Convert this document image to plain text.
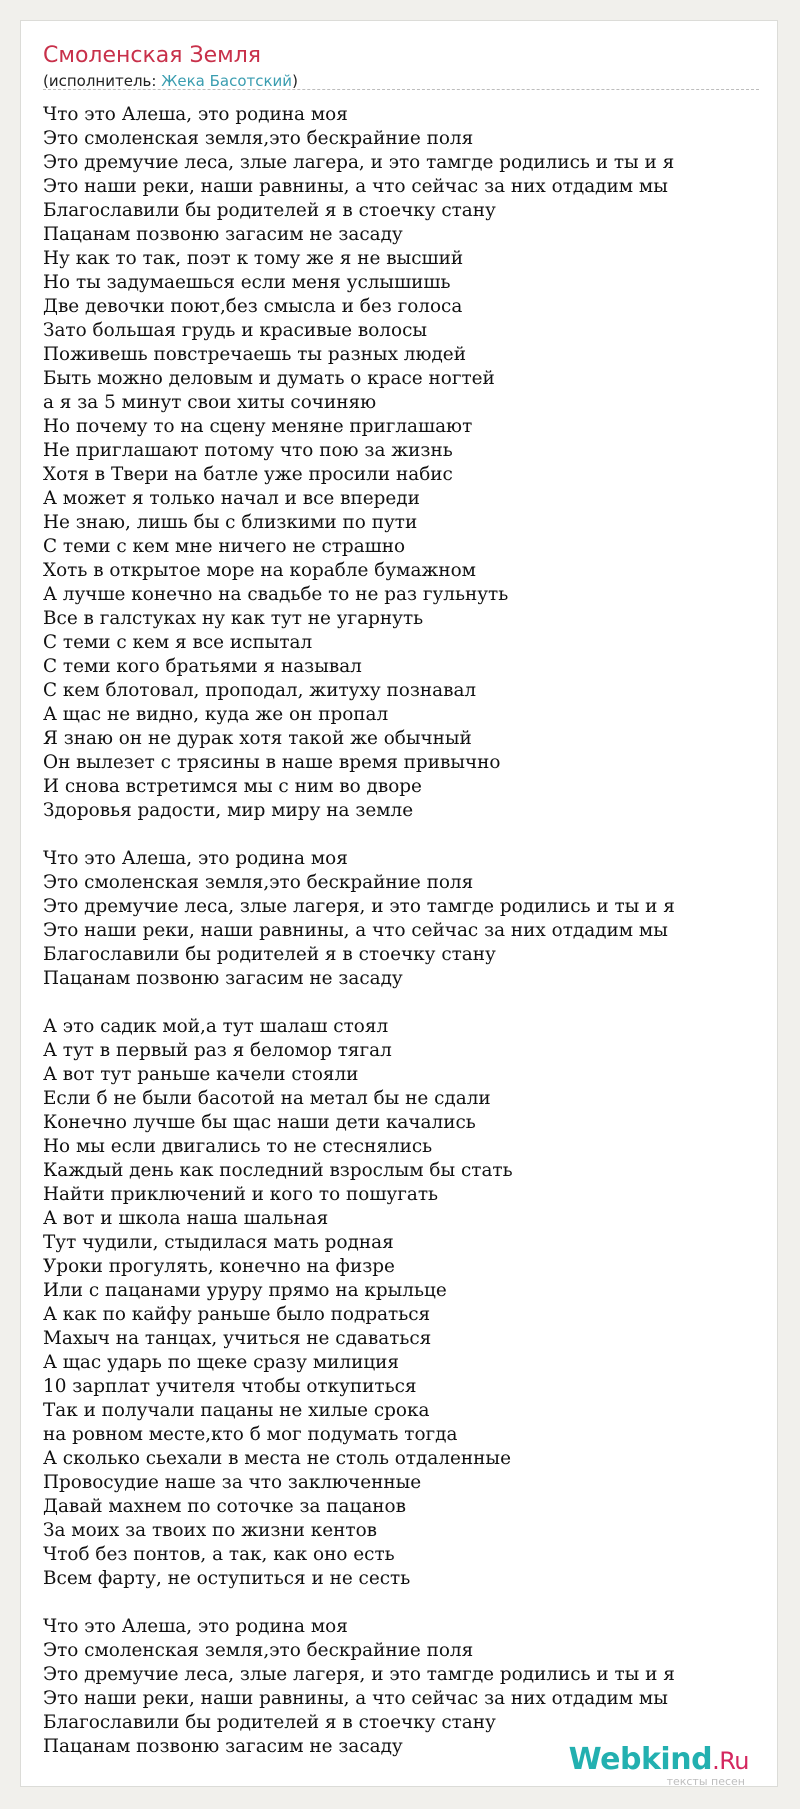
Смоленская Земля
(исполнитель: Жека Басотский)
Что это Алеша, это родина моя
Это смоленская земля,это бескрайние поля
Это дремучие леса, злые лагера, и это тамгде родились и ты и я
Это наши реки, наши равнины, а что сейчас за них отдадим мы
Благославили бы родителей я в стоечку стану
Пацанам позвоню загасим не засаду
Ну как то так, поэт к тому же я не высший
Но ты задумаешься если меня услышишь
Две девочки поют,без смысла и без голоса
Зато большая грудь и красивые волосы
Поживешь повстречаешь ты разных людей
Быть можно деловым и думать о красе ногтей
а я за 5 минут свои хиты сочиняю
Но почему то на сцену меняне приглашают
Не приглашают потому что пою за жизнь
Хотя в Твери на батле уже просили набис
А может я только начал и все впереди
Не знаю, лишь бы с близкими по пути
С теми с кем мне ничего не страшно
Хоть в открытое море на корабле бумажном
А лучше конечно на свадьбе то не раз гульнуть
Все в галстуках ну как тут не угарнуть
С теми с кем я все испытал
С теми кого братьями я называл
С кем блотовал, проподал, житуху познавал
А щас не видно, куда же он пропал
Я знаю он не дурак хотя такой же обычный
Он вылезет с трясины в наше время привычно
И снова встретимся мы с ним во дворе
Здоровья радости, мир миру на земле
Что это Алеша, это родина моя
Это смоленская земля,это бескрайние поля
Это дремучие леса, злые лагеря, и это тамгде родились и ты и я
Это наши реки, наши равнины, а что сейчас за них отдадим мы
Благославили бы родителей я в стоечку стану
Пацанам позвоню загасим не засаду
А это садик мой,а тут шалаш стоял
А тут в первый раз я беломор тягал
А вот тут раньше качели стояли
Если б не были басотой на метал бы не сдали
Конечно лучше бы щас наши дети качались
Но мы если двигались то не стеснялись
Каждый день как последний взрослым бы стать
Найти приключений и кого то пошугать
А вот и школа наша шальная
Тут чудили, стыдилася мать родная
Уроки прогулять, конечно на физре
Или с пацанами уруру прямо на крыльце
А как по кайфу раньше было подраться
Махыч на танцах, учиться не сдаваться
А щас ударь по щеке сразу милиция
10 зарплат учителя чтобы откупиться
Так и получали пацаны не хилые срока
на ровном месте,кто б мог подумать тогда
А сколько сьехали в места не столь отдаленные
Провосудие наше за что заключенные
Давай махнем по соточке за пацанов
За моих за твоих по жизни кентов
Чтоб без понтов, а так, как оно есть
Всем фарту, не оступиться и не сесть
Что это Алеша, это родина моя
Это смоленская земля,это бескрайние поля
Это дремучие леса, злые лагеря, и это тамгде родились и ты и я
Это наши реки, наши равнины, а что сейчас за них отдадим мы
Благославили бы родителей я в стоечку стану
Пацанам позвоню загасим не засаду	Webkind.Ru
тексты песен
